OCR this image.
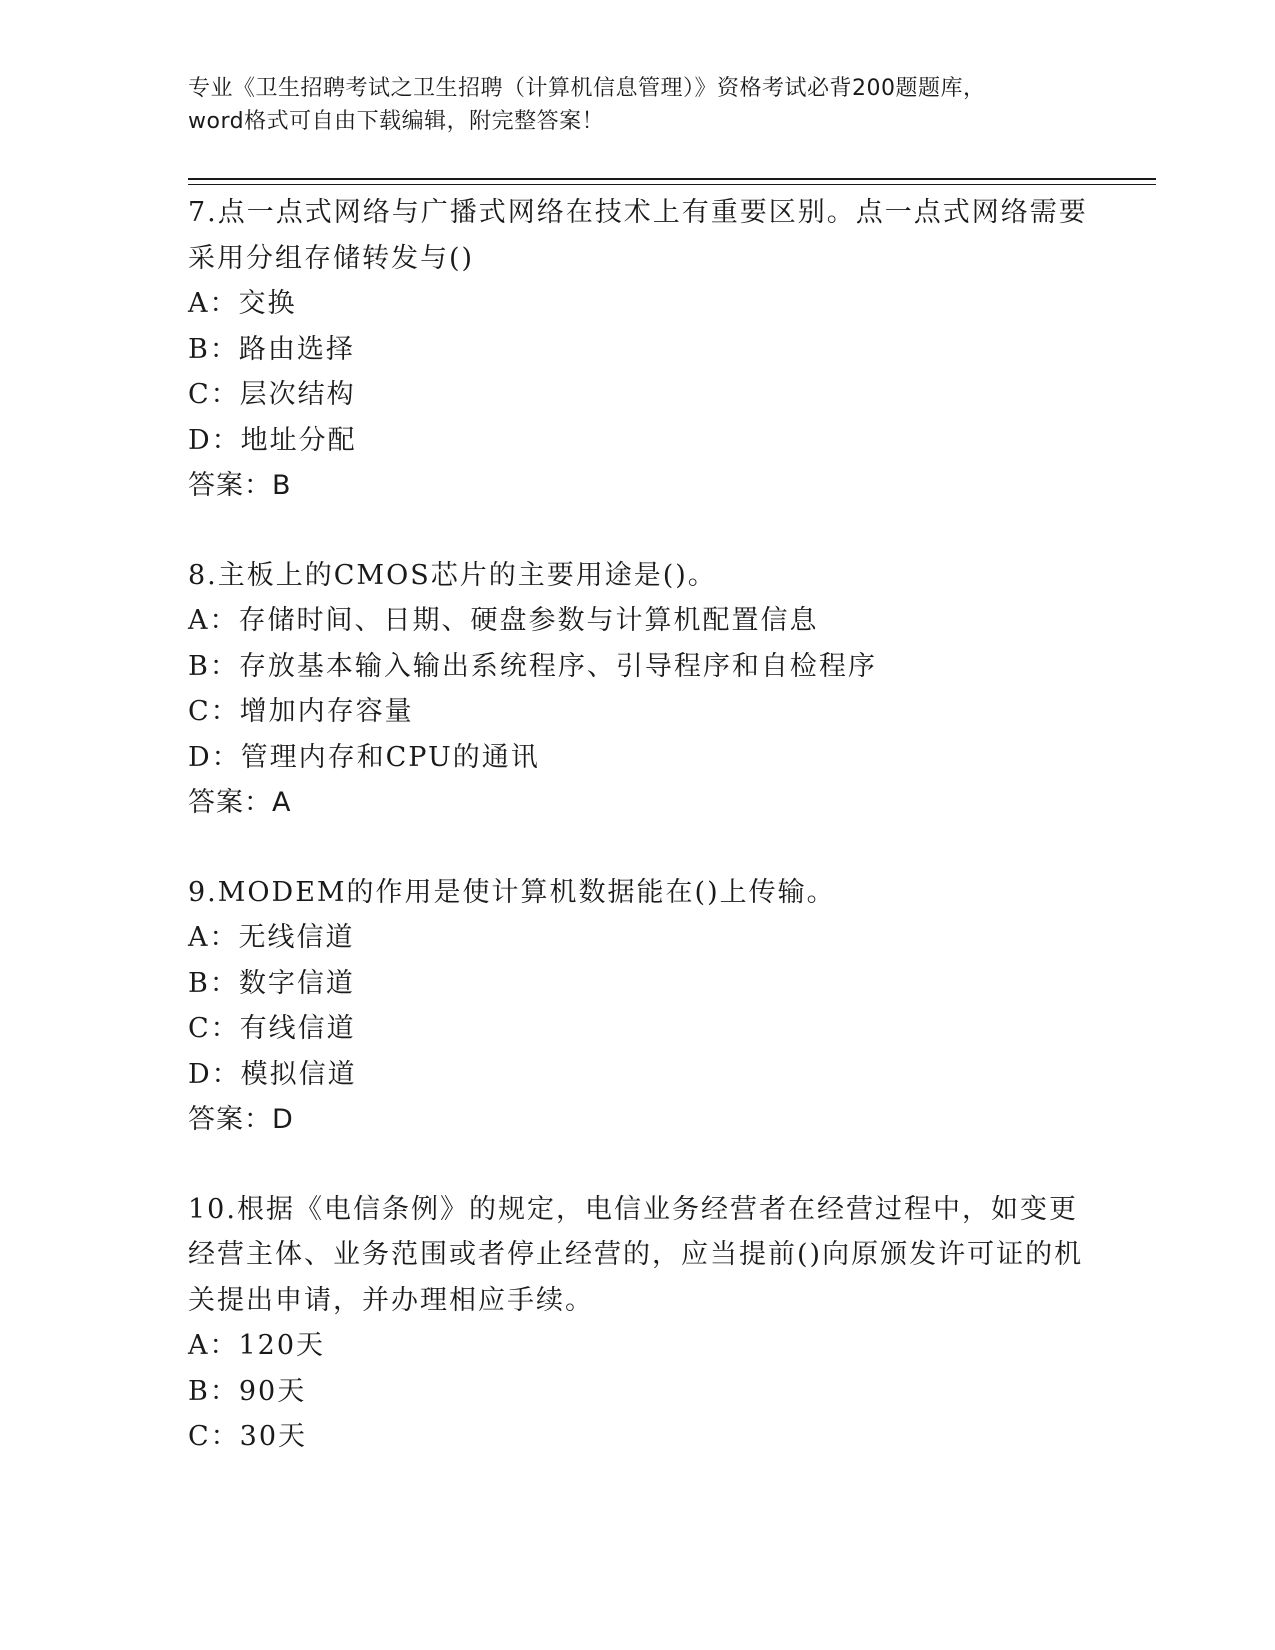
专业《卫生招聘考试之卫生招聘（计算机信息管理）》资格考试必背200题题库，
word格式可自由下载编辑，附完整答案！

7.点一点式网络与广播式网络在技术上有重要区别。点一点式网络需要采用分组存储转发与()

A：交换
B：路由选择
C：层次结构
D：地址分配
答案：B

8.主板上的CMOS芯片的主要用途是()。

A：存储时间、日期、硬盘参数与计算机配置信息
B：存放基本输入输出系统程序、引导程序和自检程序
C：增加内存容量
D：管理内存和CPU的通讯
答案：A

9.MODEM的作用是使计算机数据能在()上传输。

A：无线信道
B：数字信道
C：有线信道
D：模拟信道
答案：D

10.根据《电信条例》的规定，电信业务经营者在经营过程中，如变更经营主体、业务范围或者停止经营的，应当提前()向原颁发许可证的机关提出申请，并办理相应手续。

A：120天
B：90天
C：30天
